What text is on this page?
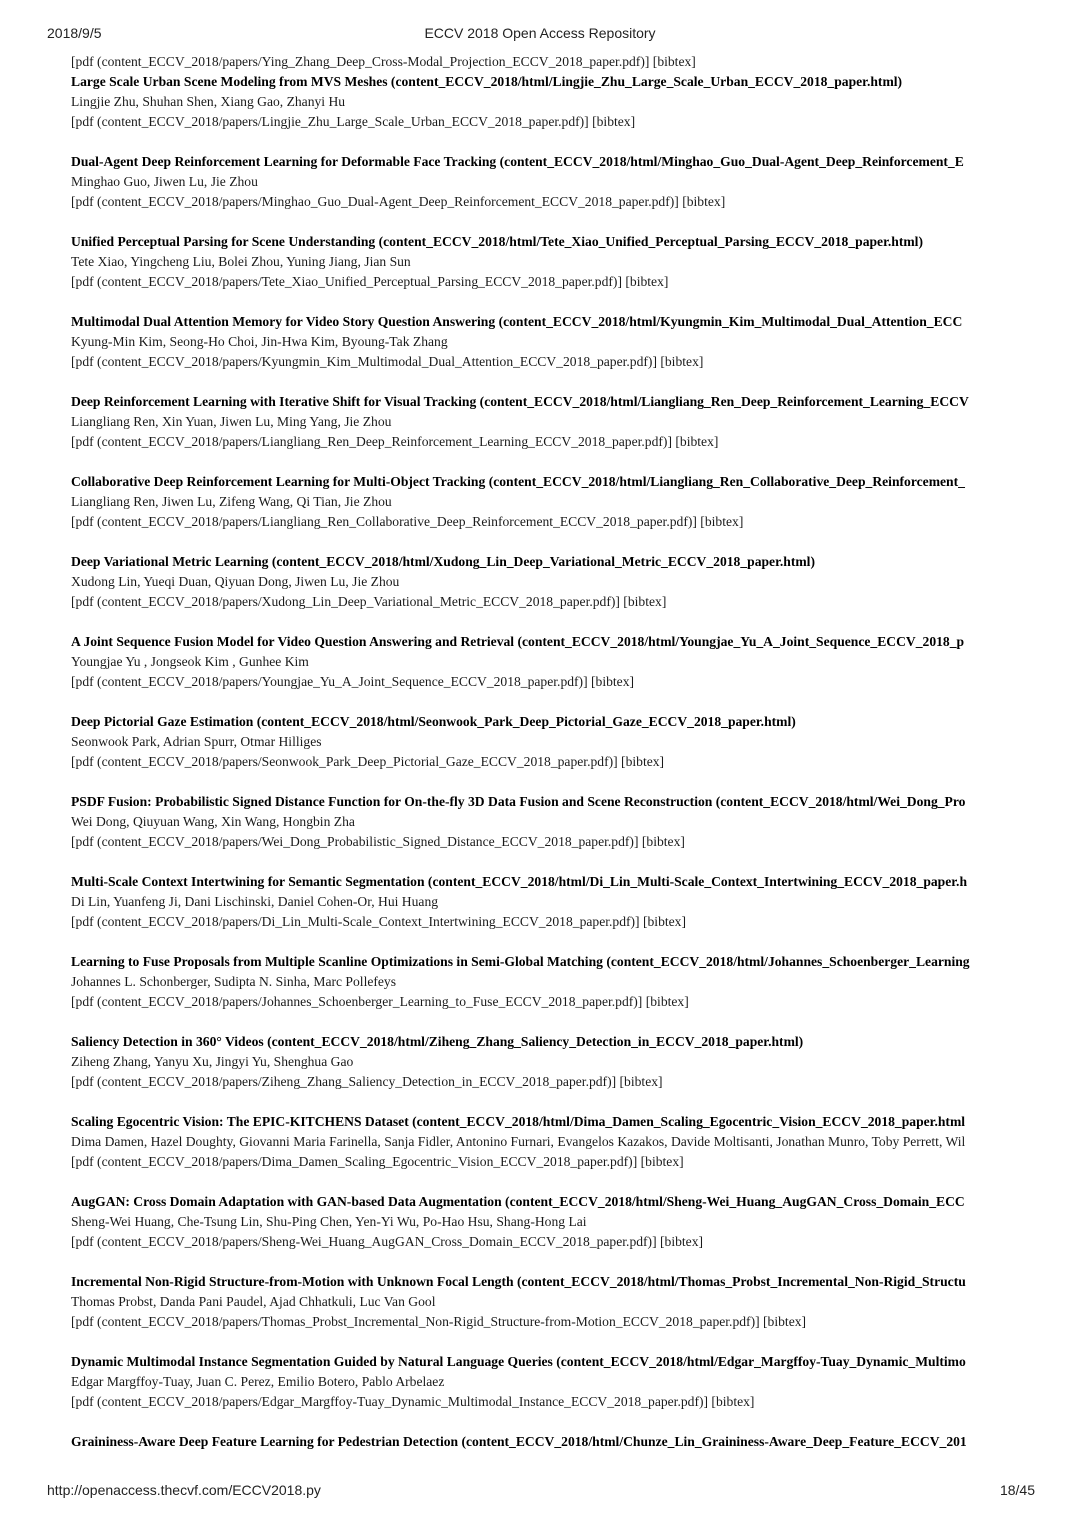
2018/9/5	ECCV 2018 Open Access Repository
[pdf (content_ECCV_2018/papers/Ying_Zhang_Deep_Cross-Modal_Projection_ECCV_2018_paper.pdf)] [bibtex]
Large Scale Urban Scene Modeling from MVS Meshes (content_ECCV_2018/html/Lingjie_Zhu_Large_Scale_Urban_ECCV_2018_paper.html)
Lingjie Zhu, Shuhan Shen, Xiang Gao, Zhanyi Hu
[pdf (content_ECCV_2018/papers/Lingjie_Zhu_Large_Scale_Urban_ECCV_2018_paper.pdf)] [bibtex]
Dual-Agent Deep Reinforcement Learning for Deformable Face Tracking (content_ECCV_2018/html/Minghao_Guo_Dual-Agent_Deep_Reinforcement_E
Minghao Guo, Jiwen Lu, Jie Zhou
[pdf (content_ECCV_2018/papers/Minghao_Guo_Dual-Agent_Deep_Reinforcement_ECCV_2018_paper.pdf)] [bibtex]
Unified Perceptual Parsing for Scene Understanding (content_ECCV_2018/html/Tete_Xiao_Unified_Perceptual_Parsing_ECCV_2018_paper.html)
Tete Xiao, Yingcheng Liu, Bolei Zhou, Yuning Jiang, Jian Sun
[pdf (content_ECCV_2018/papers/Tete_Xiao_Unified_Perceptual_Parsing_ECCV_2018_paper.pdf)] [bibtex]
Multimodal Dual Attention Memory for Video Story Question Answering (content_ECCV_2018/html/Kyungmin_Kim_Multimodal_Dual_Attention_ECC
Kyung-Min Kim, Seong-Ho Choi, Jin-Hwa Kim, Byoung-Tak Zhang
[pdf (content_ECCV_2018/papers/Kyungmin_Kim_Multimodal_Dual_Attention_ECCV_2018_paper.pdf)] [bibtex]
Deep Reinforcement Learning with Iterative Shift for Visual Tracking (content_ECCV_2018/html/Liangliang_Ren_Deep_Reinforcement_Learning_ECCV
Liangliang Ren, Xin Yuan, Jiwen Lu, Ming Yang, Jie Zhou
[pdf (content_ECCV_2018/papers/Liangliang_Ren_Deep_Reinforcement_Learning_ECCV_2018_paper.pdf)] [bibtex]
Collaborative Deep Reinforcement Learning for Multi-Object Tracking (content_ECCV_2018/html/Liangliang_Ren_Collaborative_Deep_Reinforcement_
Liangliang Ren, Jiwen Lu, Zifeng Wang, Qi Tian, Jie Zhou
[pdf (content_ECCV_2018/papers/Liangliang_Ren_Collaborative_Deep_Reinforcement_ECCV_2018_paper.pdf)] [bibtex]
Deep Variational Metric Learning (content_ECCV_2018/html/Xudong_Lin_Deep_Variational_Metric_ECCV_2018_paper.html)
Xudong Lin, Yueqi Duan, Qiyuan Dong, Jiwen Lu, Jie Zhou
[pdf (content_ECCV_2018/papers/Xudong_Lin_Deep_Variational_Metric_ECCV_2018_paper.pdf)] [bibtex]
A Joint Sequence Fusion Model for Video Question Answering and Retrieval (content_ECCV_2018/html/Youngjae_Yu_A_Joint_Sequence_ECCV_2018_p
Youngjae Yu , Jongseok Kim , Gunhee Kim
[pdf (content_ECCV_2018/papers/Youngjae_Yu_A_Joint_Sequence_ECCV_2018_paper.pdf)] [bibtex]
Deep Pictorial Gaze Estimation (content_ECCV_2018/html/Seonwook_Park_Deep_Pictorial_Gaze_ECCV_2018_paper.html)
Seonwook Park, Adrian Spurr, Otmar Hilliges
[pdf (content_ECCV_2018/papers/Seonwook_Park_Deep_Pictorial_Gaze_ECCV_2018_paper.pdf)] [bibtex]
PSDF Fusion: Probabilistic Signed Distance Function for On-the-fly 3D Data Fusion and Scene Reconstruction (content_ECCV_2018/html/Wei_Dong_Pro
Wei Dong, Qiuyuan Wang, Xin Wang, Hongbin Zha
[pdf (content_ECCV_2018/papers/Wei_Dong_Probabilistic_Signed_Distance_ECCV_2018_paper.pdf)] [bibtex]
Multi-Scale Context Intertwining for Semantic Segmentation (content_ECCV_2018/html/Di_Lin_Multi-Scale_Context_Intertwining_ECCV_2018_paper.h
Di Lin, Yuanfeng Ji, Dani Lischinski, Daniel Cohen-Or, Hui Huang
[pdf (content_ECCV_2018/papers/Di_Lin_Multi-Scale_Context_Intertwining_ECCV_2018_paper.pdf)] [bibtex]
Learning to Fuse Proposals from Multiple Scanline Optimizations in Semi-Global Matching (content_ECCV_2018/html/Johannes_Schoenberger_Learning
Johannes L. Schonberger, Sudipta N. Sinha, Marc Pollefeys
[pdf (content_ECCV_2018/papers/Johannes_Schoenberger_Learning_to_Fuse_ECCV_2018_paper.pdf)] [bibtex]
Saliency Detection in 360° Videos (content_ECCV_2018/html/Ziheng_Zhang_Saliency_Detection_in_ECCV_2018_paper.html)
Ziheng Zhang, Yanyu Xu, Jingyi Yu, Shenghua Gao
[pdf (content_ECCV_2018/papers/Ziheng_Zhang_Saliency_Detection_in_ECCV_2018_paper.pdf)] [bibtex]
Scaling Egocentric Vision: The EPIC-KITCHENS Dataset (content_ECCV_2018/html/Dima_Damen_Scaling_Egocentric_Vision_ECCV_2018_paper.html
Dima Damen, Hazel Doughty, Giovanni Maria Farinella, Sanja Fidler, Antonino Furnari, Evangelos Kazakos, Davide Moltisanti, Jonathan Munro, Toby Perrett, Wil
[pdf (content_ECCV_2018/papers/Dima_Damen_Scaling_Egocentric_Vision_ECCV_2018_paper.pdf)] [bibtex]
AugGAN: Cross Domain Adaptation with GAN-based Data Augmentation (content_ECCV_2018/html/Sheng-Wei_Huang_AugGAN_Cross_Domain_ECC
Sheng-Wei Huang, Che-Tsung Lin, Shu-Ping Chen, Yen-Yi Wu, Po-Hao Hsu, Shang-Hong Lai
[pdf (content_ECCV_2018/papers/Sheng-Wei_Huang_AugGAN_Cross_Domain_ECCV_2018_paper.pdf)] [bibtex]
Incremental Non-Rigid Structure-from-Motion with Unknown Focal Length (content_ECCV_2018/html/Thomas_Probst_Incremental_Non-Rigid_Structu
Thomas Probst, Danda Pani Paudel, Ajad Chhatkuli, Luc Van Gool
[pdf (content_ECCV_2018/papers/Thomas_Probst_Incremental_Non-Rigid_Structure-from-Motion_ECCV_2018_paper.pdf)] [bibtex]
Dynamic Multimodal Instance Segmentation Guided by Natural Language Queries (content_ECCV_2018/html/Edgar_Margffoy-Tuay_Dynamic_Multimo
Edgar Margffoy-Tuay, Juan C. Perez, Emilio Botero, Pablo Arbelaez
[pdf (content_ECCV_2018/papers/Edgar_Margffoy-Tuay_Dynamic_Multimodal_Instance_ECCV_2018_paper.pdf)] [bibtex]
Graininess-Aware Deep Feature Learning for Pedestrian Detection (content_ECCV_2018/html/Chunze_Lin_Graininess-Aware_Deep_Feature_ECCV_201
http://openaccess.thecvf.com/ECCV2018.py	18/45
